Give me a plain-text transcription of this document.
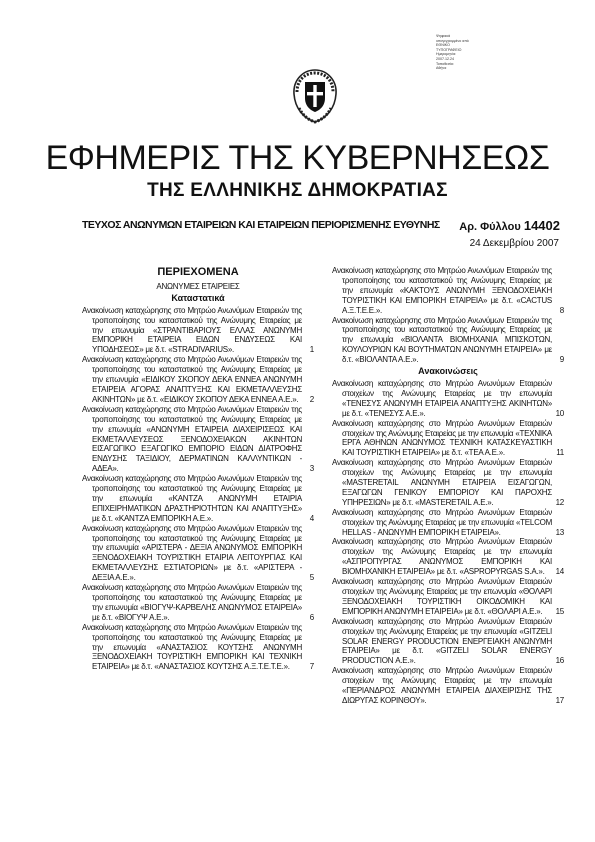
Ψηφιακά
υπογεγραμμένο από
ΕΘΝΙΚΟ
ΤΥΠΟΓΡΑΦΕΙΟ
Ημερομηνία:
2007.12.24
Τοποθεσία:
Αθήνα
ΕΦΗΜΕΡΙΣ ΤΗΣ ΚΥΒΕΡΝΗΣΕΩΣ
ΤΗΣ ΕΛΛΗΝΙΚΗΣ ΔΗΜΟΚΡΑΤΙΑΣ
ΤΕΥΧΟΣ ΑΝΩΝΥΜΩΝ ΕΤΑΙΡΕΙΩΝ ΚΑΙ ΕΤΑΙΡΕΙΩΝ ΠΕΡΙΟΡΙΣΜΕΝΗΣ ΕΥΘΥΝΗΣ Αρ. Φύλλου 14402
24 Δεκεμβρίου 2007
ΠΕΡΙΕΧΟΜΕΝΑ
ΑΝΩΝΥΜΕΣ ΕΤΑΙΡΕΙΕΣ
Καταστατικά

Ανακοίνωση καταχώρησης στο Μητρώο Ανωνύμων Εταιρειών της τροποποίησης του καταστατικού της Ανώνυμης Εταιρείας με την επωνυμία «ΣΤΡΑΝΤΙΒΑΡΙΟΥΣ ΕΛΛΑΣ ΑΝΩΝΥΜΗ ΕΜΠΟΡΙΚΗ ΕΤΑΙΡΕΙΑ ΕΙΔΩΝ ΕΝΔΥΣΕΩΣ ΚΑΙ ΥΠΟΔΗΣΕΩΣ» με δ.τ. «STRADIVARIUS».	1

Ανακοίνωση καταχώρησης στο Μητρώο Ανωνύμων Εταιρειών της τροποποίησης του καταστατικού της Ανώνυμης Εταιρείας με την επωνυμία «ΕΙΔΙΚΟΥ ΣΚΟΠΟΥ ΔΕΚΑ ΕΝΝΕΑ ΑΝΩΝΥΜΗ ΕΤΑΙΡΕΙΑ ΑΓΟΡΑΣ ΑΝΑΠΤΥΞΗΣ ΚΑΙ ΕΚΜΕΤΑΛΛΕΥΣΗΣ ΑΚΙΝΗΤΩΝ» με δ.τ. «ΕΙΔΙΚΟΥ ΣΚΟΠΟΥ ΔΕΚΑ ΕΝΝΕΑ Α.Ε.». 2

Ανακοίνωση καταχώρησης στο Μητρώο Ανωνύμων Εταιρειών της τροποποίησης του καταστατικού της Ανώνυμης Εταιρείας με την επωνυμία «ΑΝΩΝΥΜΗ ΕΤΑΙΡΕΙΑ ΔΙΑΧΕΙΡΙΣΕΩΣ ΚΑΙ ΕΚΜΕΤΑΛΛΕΥΣΕΩΣ ΞΕΝΟΔΟΧΕΙΑΚΩΝ ΑΚΙΝΗΤΩΝ ΕΙΣΑΓΩΓΙΚΟ ΕΞΑΓΩΓΙΚΟ ΕΜΠΟΡΙΟ ΕΙΔΩΝ ΔΙΑΤΡΟΦΗΣ ΕΝΔΥΣΗΣ ΤΑΞΙΔΙΟΥ, ΔΕΡΜΑΤΙΝΩΝ ΚΑΛΛΥΝΤΙΚΩΝ - ΑΔΕΑ».	3

Ανακοίνωση καταχώρησης στο Μητρώο Ανωνύμων Εταιρειών της τροποποίησης του καταστατικού της Ανώνυμης Εταιρείας με την επωνυμία «ΚΑΝΤΖΑ ΑΝΩΝΥΜΗ ΕΤΑΙΡΙΑ ΕΠΙΧΕΙΡΗΜΑΤΙΚΩΝ ΔΡΑΣΤΗΡΙΟΤΗΤΩΝ ΚΑΙ ΑΝΑΠΤΥΞΗΣ» με δ.τ. «ΚΑΝΤΖΑ ΕΜΠΟΡΙΚΗ Α.Ε.».	4

Ανακοίνωση καταχώρησης στο Μητρώο Ανωνύμων Εταιρειών της τροποποίησης του καταστατικού της Ανώνυμης Εταιρείας με την επωνυμία «ΑΡΙΣΤΕΡΑ - ΔΕΞΙΑ ΑΝΩΝΥΜΟΣ ΕΜΠΟΡΙΚΗ ΞΕΝΟΔΟΧΕΙΑΚΗ ΤΟΥΡΙΣΤΙΚΗ ΕΤΑΙΡΙΑ ΛΕΙΤΟΥΡΓΙΑΣ ΚΑΙ ΕΚΜΕΤΑΛΛΕΥΣΗΣ ΕΣΤΙΑΤΟΡΙΩΝ» με δ.τ. «ΑΡΙΣΤΕΡΑ - ΔΕΞΙΑ Α.Ε.».	5

Ανακοίνωση καταχώρησης στο Μητρώο Ανωνύμων Εταιρειών της τροποποίησης του καταστατικού της Ανώνυμης Εταιρείας με την επωνυμία «ΒΙΟΓΥΨ-ΚΑΡΒΕΛΗΣ ΑΝΩΝΥΜΟΣ ΕΤΑΙΡΕΙΑ» με δ.τ. «ΒΙΟΓΥΨ Α.Ε.».	6

Ανακοίνωση καταχώρησης στο Μητρώο Ανωνύμων Εταιρειών της τροποποίησης του καταστατικού της Ανώνυμης Εταιρείας με την επωνυμία «ΑΝΑΣΤΑΣΙΟΣ ΚΟΥΤΣΗΣ ΑΝΩΝΥΜΗ ΞΕΝΟΔΟΧΕΙΑΚΗ ΤΟΥΡΙΣΤΙΚΗ ΕΜΠΟΡΙΚΗ ΚΑΙ ΤΕΧΝΙΚΗ ΕΤΑΙΡΕΙΑ» με δ.τ. «ΑΝΑΣΤΑΣΙΟΣ ΚΟΥΤΣΗΣ Α.Ξ.Τ.Ε.Τ.Ε.».	7

Ανακοίνωση καταχώρησης στο Μητρώο Ανωνύμων Εταιρειών της τροποποίησης του καταστατικού της Ανώνυμης Εταιρείας με την επωνυμία «ΚΑΚΤΟΥΣ ΑΝΩΝΥΜΗ ΞΕΝΟΔΟΧΕΙΑΚΗ ΤΟΥΡΙΣΤΙΚΗ ΚΑΙ ΕΜΠΟΡΙΚΗ ΕΤΑΙΡΕΙΑ» με δ.τ. «CACTUS Α.Ξ.Τ.Ε.Ε.».	8

Ανακοίνωση καταχώρησης στο Μητρώο Ανωνύμων Εταιρειών της τροποποίησης του καταστατικού της Ανώνυμης Εταιρείας με την επωνυμία «ΒΙΟΛΑΝΤΑ ΒΙΟΜΗΧΑΝΙΑ ΜΠΙΣΚΟΤΩΝ, ΚΟΥΛΟΥΡΙΩΝ ΚΑΙ ΒΟΥΤΗΜΑΤΩΝ ΑΝΩΝΥΜΗ ΕΤΑΙΡΕΙΑ» με δ.τ. «ΒΙΟΛΑΝΤΑ Α.Ε.».	9

Ανακοινώσεις

Ανακοίνωση καταχώρησης στο Μητρώο Ανωνύμων Εταιρειών στοιχείων της Ανώνυμης Εταιρείας με την επωνυμία «ΤΕΝΕΣΥΣ ΑΝΩΝΥΜΗ ΕΤΑΙΡΕΙΑ ΑΝΑΠΤΥΞΗΣ ΑΚΙΝΗΤΩΝ» με δ.τ. «ΤΕΝΕΣΥΣ Α.Ε.».	10

Ανακοίνωση καταχώρησης στο Μητρώο Ανωνύμων Εταιρειών στοιχείων της Ανώνυμης Εταιρείας με την επωνυμία «ΤΕΧΝΙΚΑ ΕΡΓΑ ΑΘΗΝΩΝ ΑΝΩΝΥΜΟΣ ΤΕΧΝΙΚΗ ΚΑΤΑΣΚΕΥΑΣΤΙΚΗ ΚΑΙ ΤΟΥΡΙΣΤΙΚΗ ΕΤΑΙΡΕΙΑ» με δ.τ. «ΤΕΑ Α.Ε.».	11

Ανακοίνωση καταχώρησης στο Μητρώο Ανωνύμων Εταιρειών στοιχείων της Ανώνυμης Εταιρείας με την επωνυμία «MASTERETAIL ΑΝΩΝΥΜΗ ΕΤΑΙΡΕΙΑ ΕΙΣΑΓΩΓΩΝ, ΕΞΑΓΩΓΩΝ ΓΕΝΙΚΟΥ ΕΜΠΟΡΙΟΥ ΚΑΙ ΠΑΡΟΧΗΣ ΥΠΗΡΕΣΙΩΝ» με δ.τ. «MASTERETAIL Α.Ε.».	12

Ανακοίνωση καταχώρησης στο Μητρώο Ανωνύμων Εταιρειών στοιχείων της Ανώνυμης Εταιρείας με την επωνυμία «TELCOM HELLAS - ΑΝΩΝΥΜΗ ΕΜΠΟΡΙΚΗ ΕΤΑΙΡΕΙΑ».	13

Ανακοίνωση καταχώρησης στο Μητρώο Ανωνύμων Εταιρειών στοιχείων της Ανώνυμης Εταιρείας με την επωνυμία «ΑΣΠΡΟΠΥΡΓΑΣ ΑΝΩΝΥΜΟΣ ΕΜΠΟΡΙΚΗ ΚΑΙ ΒΙΟΜΗΧΑΝΙΚΗ ΕΤΑΙΡΕΙΑ» με δ.τ. «ASPROPYRGAS S.A.». 14

Ανακοίνωση καταχώρησης στο Μητρώο Ανωνύμων Εταιρειών στοιχείων της Ανώνυμης Εταιρείας με την επωνυμία «ΘΟΛΑΡΙ ΞΕΝΟΔΟΧΕΙΑΚΗ ΤΟΥΡΙΣΤΙΚΗ ΟΙΚΟΔΟΜΙΚΗ ΚΑΙ ΕΜΠΟΡΙΚΗ ΑΝΩΝΥΜΗ ΕΤΑΙΡΕΙΑ» με δ.τ. «ΘΟΛΑΡΙ Α.Ε.». 15

Ανακοίνωση καταχώρησης στο Μητρώο Ανωνύμων Εταιρειών στοιχείων της Ανώνυμης Εταιρείας με την επωνυμία «GITZELI SOLAR ENERGY PRODUCTION ΕΝΕΡΓΕΙΑΚΗ ΑΝΩΝΥΜΗ ΕΤΑΙΡΕΙΑ» με δ.τ. «GITZELI SOLAR ENERGY PRODUCTION Α.Ε.».	16

Ανακοίνωση καταχώρησης στο Μητρώο Ανωνύμων Εταιρειών στοιχείων της Ανώνυμης Εταιρείας με την επωνυμία «ΠΕΡΙΑΝΔΡΟΣ ΑΝΩΝΥΜΗ ΕΤΑΙΡΕΙΑ ΔΙΑΧΕΙΡΙΣΗΣ ΤΗΣ ΔΙΩΡΥΓΑΣ ΚΟΡΙΝΘΟΥ».	17
